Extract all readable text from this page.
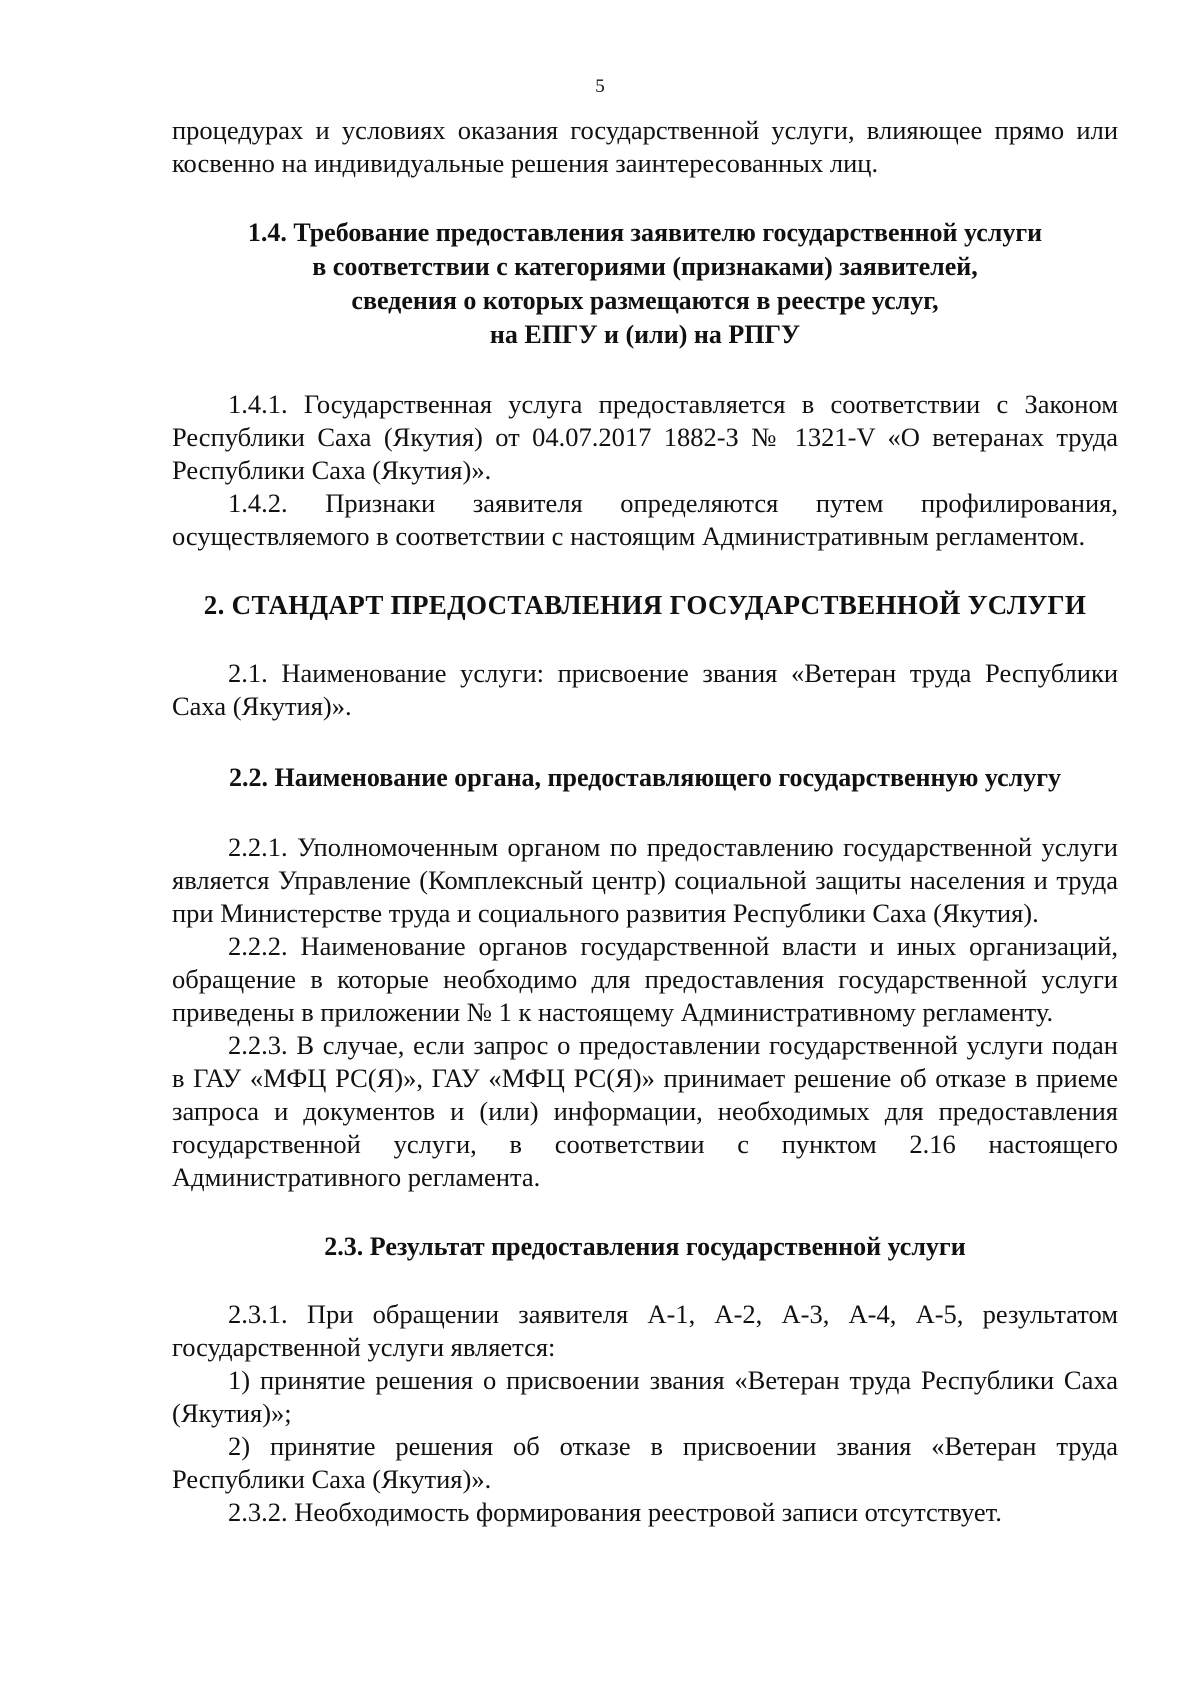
5

процедурах и условиях оказания государственной услуги, влияющее прямо или косвенно на индивидуальные решения заинтересованных лиц.

1.4. Требование предоставления заявителю государственной услуги
в соответствии с категориями (признаками) заявителей,
сведения о которых размещаются в реестре услуг,
на ЕПГУ и (или) на РПГУ

1.4.1. Государственная услуга предоставляется в соответствии с Законом Республики Саха (Якутия) от 04.07.2017 1882-З № 1321-V «О ветеранах труда Республики Саха (Якутия)».

1.4.2. Признаки заявителя определяются путем профилирования, осуществляемого в соответствии с настоящим Административным регламентом.

2. СТАНДАРТ ПРЕДОСТАВЛЕНИЯ ГОСУДАРСТВЕННОЙ УСЛУГИ

2.1. Наименование услуги: присвоение звания «Ветеран труда Республики Саха (Якутия)».

2.2. Наименование органа, предоставляющего государственную услугу

2.2.1. Уполномоченным органом по предоставлению государственной услуги является Управление (Комплексный центр) социальной защиты населения и труда при Министерстве труда и социального развития Республики Саха (Якутия).

2.2.2. Наименование органов государственной власти и иных организаций, обращение в которые необходимо для предоставления государственной услуги приведены в приложении № 1 к настоящему Административному регламенту.

2.2.3. В случае, если запрос о предоставлении государственной услуги подан в ГАУ «МФЦ РС(Я)», ГАУ «МФЦ РС(Я)» принимает решение об отказе в приеме запроса и документов и (или) информации, необходимых для предоставления государственной услуги, в соответствии с пунктом 2.16 настоящего Административного регламента.

2.3. Результат предоставления государственной услуги

2.3.1. При обращении заявителя А-1, А-2, А-3, А-4, А-5, результатом государственной услуги является:

1) принятие решения о присвоении звания «Ветеран труда Республики Саха (Якутия)»;

2) принятие решения об отказе в присвоении звания «Ветеран труда Республики Саха (Якутия)».

2.3.2. Необходимость формирования реестровой записи отсутствует.
